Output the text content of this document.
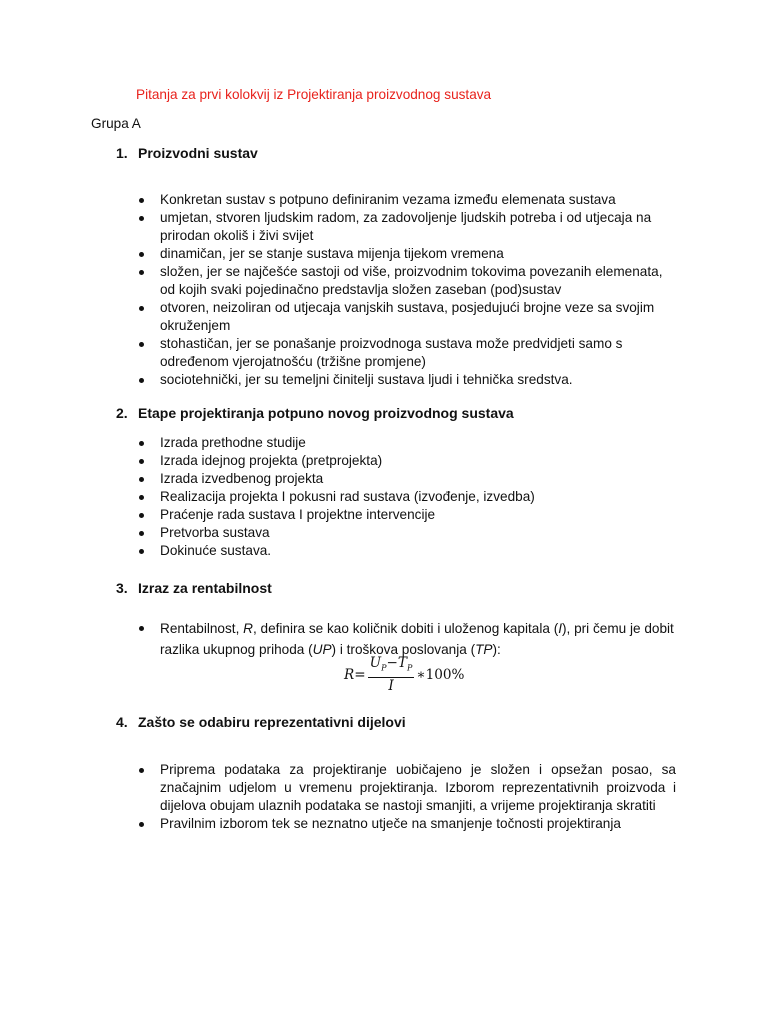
Pitanja za prvi kolokvij iz Projektiranja proizvodnog sustava
Grupa A
1. Proizvodni sustav
Konkretan sustav s potpuno definiranim vezama između elemenata sustava
umjetan, stvoren ljudskim radom, za zadovoljenje ljudskih potreba i od utjecaja na prirodan okoliš i živi svijet
dinamičan, jer se stanje sustava mijenja tijekom vremena
složen, jer se najčešće sastoji od više, proizvodnim tokovima povezanih elemenata, od kojih svaki pojedinačno predstavlja složen zaseban (pod)sustav
otvoren, neizoliran od utjecaja vanjskih sustava, posjedujući brojne veze sa svojim okruženjem
stohastičan, jer se ponašanje proizvodnoga sustava može predvidjeti samo s određenom vjerojatnošću (tržišne promjene)
sociotehnički, jer su temeljni činitelji sustava ljudi i tehnička sredstva.
2. Etape projektiranja potpuno novog proizvodnog sustava
Izrada prethodne studije
Izrada idejnog projekta (pretprojekta)
Izrada izvedbenog projekta
Realizacija projekta I pokusni rad sustava (izvođenje, izvedba)
Praćenje rada sustava I projektne intervencije
Pretvorba sustava
Dokinuće sustava.
3. Izraz za rentabilnost
Rentabilnost, R, definira se kao količnik dobiti i uloženog kapitala (I), pri čemu je dobit razlika ukupnog prihoda (UP) i troškova poslovanja (TP):
$R= \frac{U_P-T_P}{I}$ ∗100%
4. Zašto se odabiru reprezentativni dijelovi
Priprema podataka za projektiranje uobičajeno je složen i opsežan posao, sa značajnim udjelom u vremenu projektiranja. Izborom reprezentativnih proizvoda i dijelova obujam ulaznih podataka se nastoji smanjiti, a vrijeme projektiranja skratiti
Pravilnim izborom tek se neznatno utječe na smanjenje točnosti projektiranja
